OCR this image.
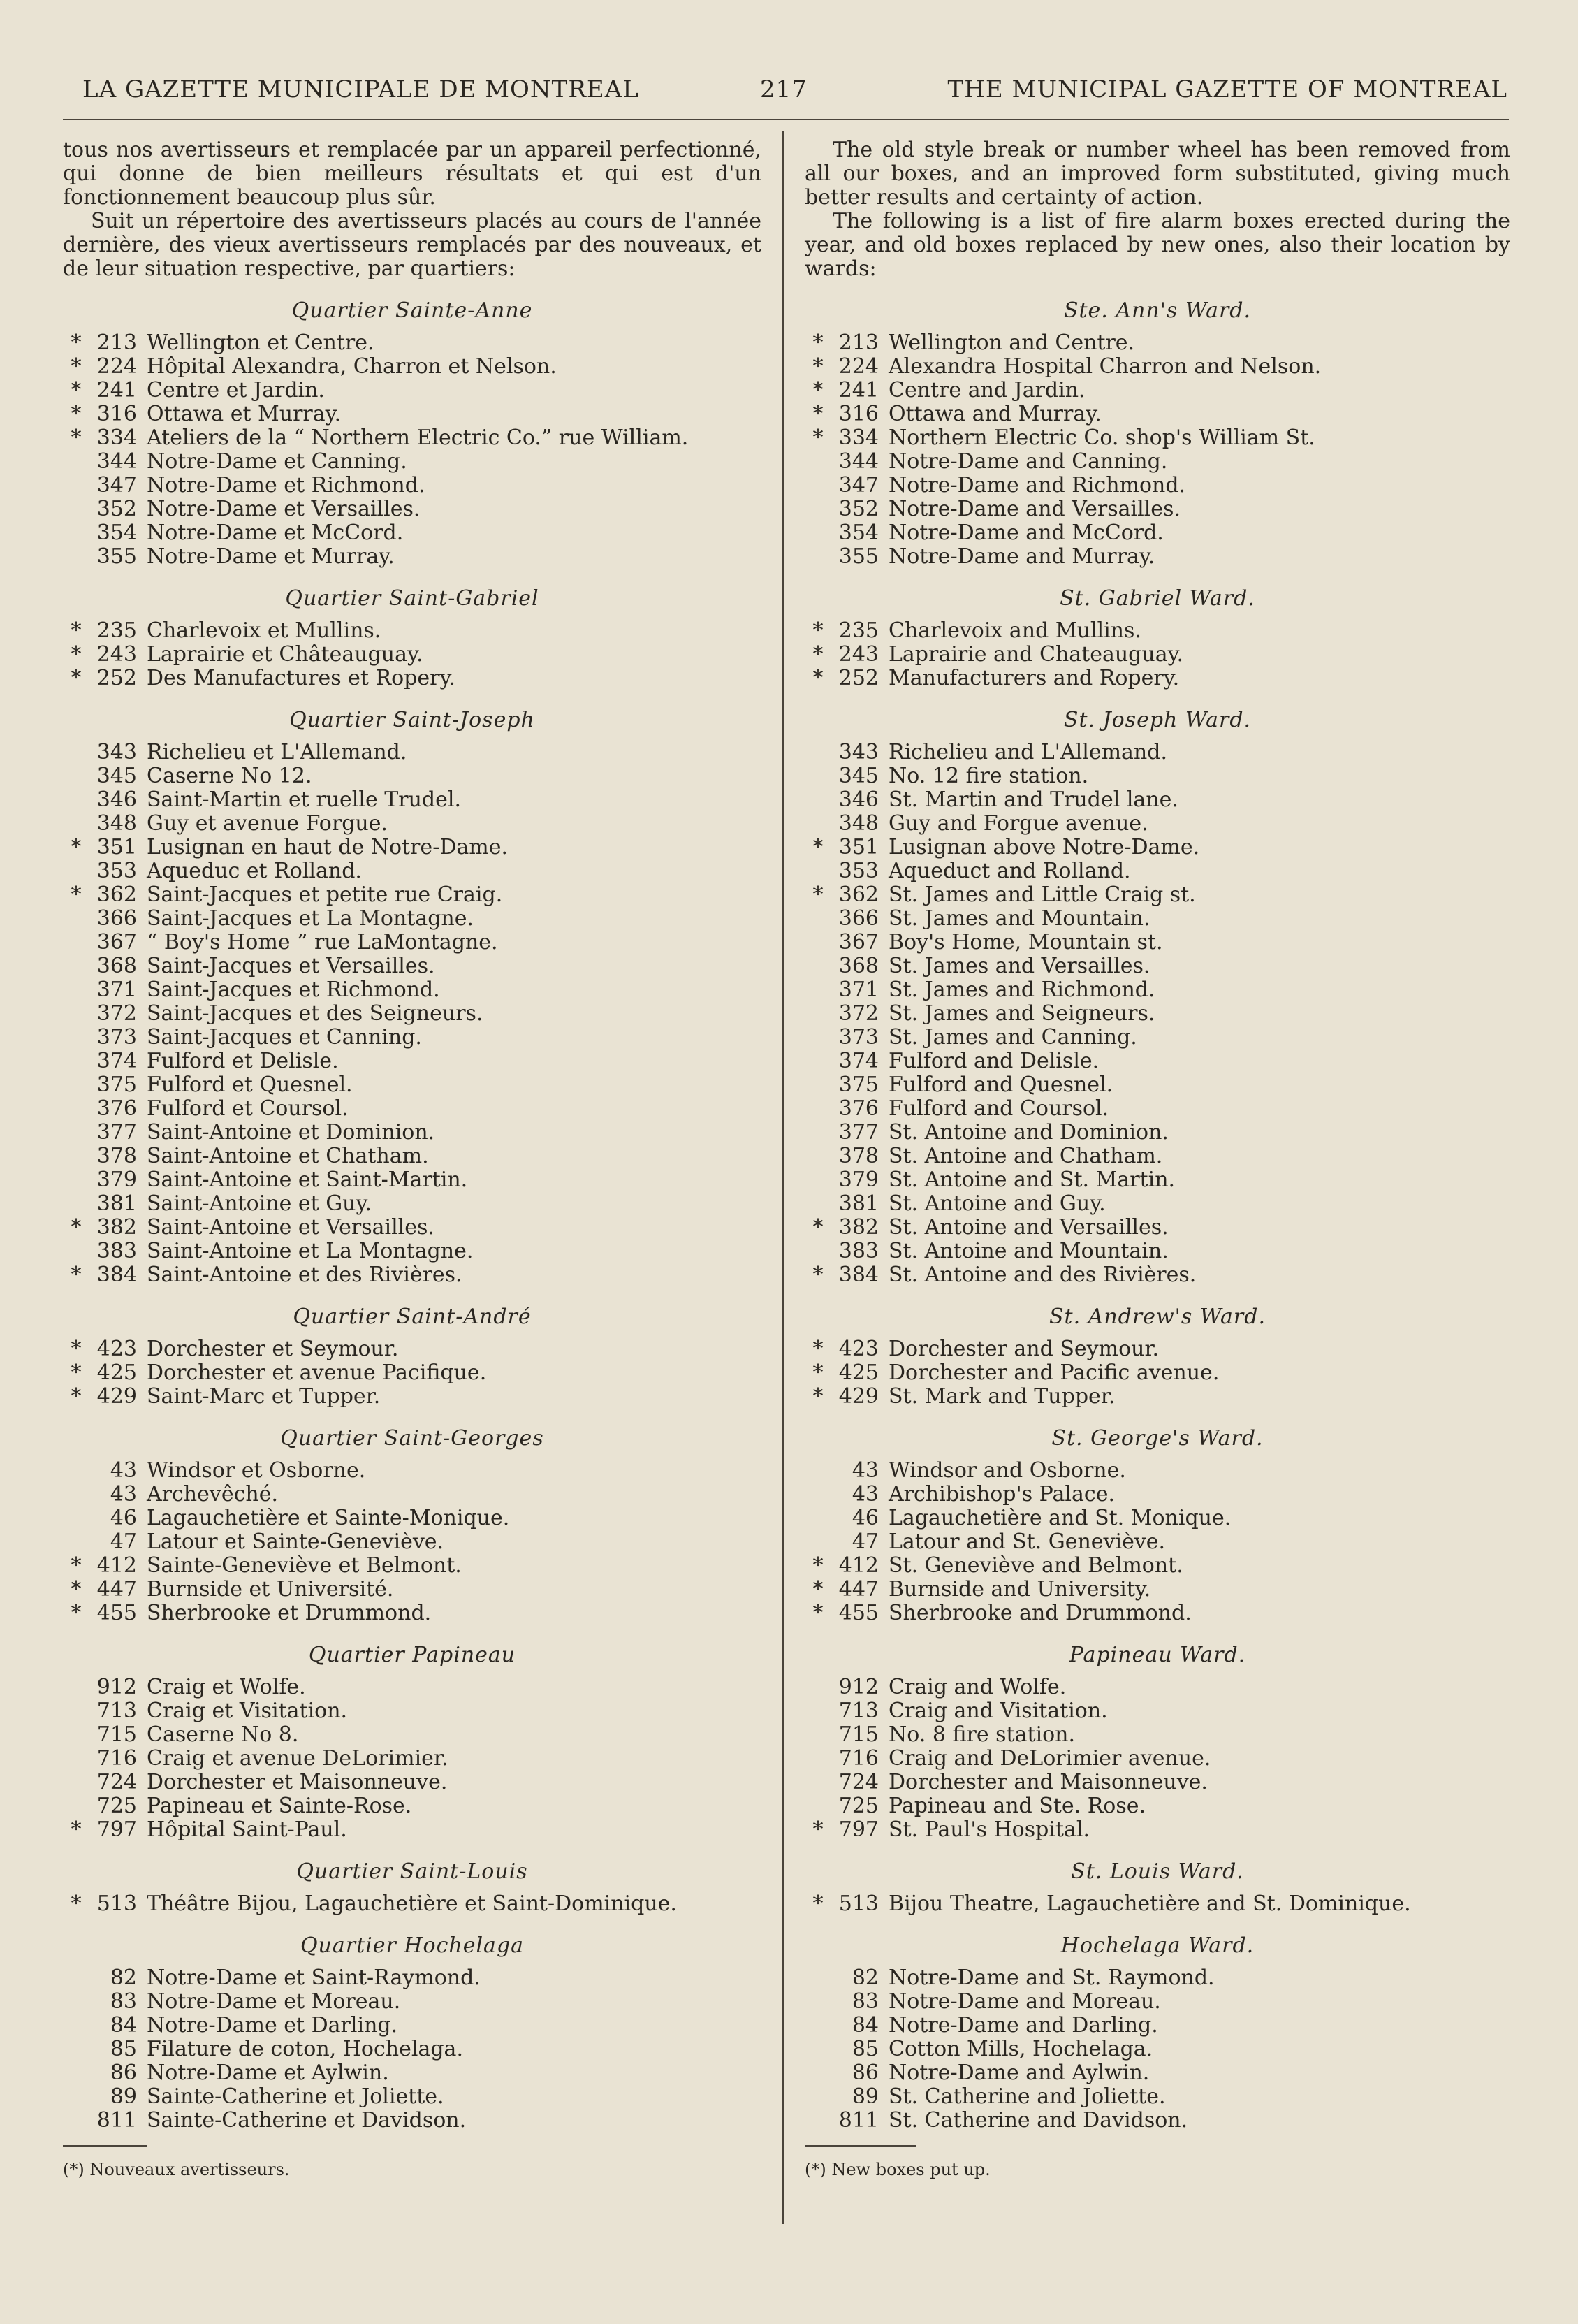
LA GAZETTE MUNICIPALE DE MONTREAL	217	THE MUNICIPAL GAZETTE OF MONTREAL

tous nos avertisseurs et remplacée par un appareil perfectionné, qui donne de bien meilleurs résultats et qui est d'un fonctionnement beaucoup plus sûr.

Suit un répertoire des avertisseurs placés au cours de l'année dernière, des vieux avertisseurs remplacés par des nouveaux, et de leur situation respective, par quartiers:

Quartier Sainte-Anne
* 213 Wellington et Centre.
* 224 Hôpital Alexandra, Charron et Nelson.
* 241 Centre et Jardin.
* 316 Ottawa et Murray.
* 334 Ateliers de la “ Northern Electric Co.” rue William.
344 Notre-Dame et Canning.
347 Notre-Dame et Richmond.
352 Notre-Dame et Versailles.
354 Notre-Dame et McCord.
355 Notre-Dame et Murray.
Quartier Saint-Gabriel
* 235 Charlevoix et Mullins.
* 243 Laprairie et Châteauguay.
* 252 Des Manufactures et Ropery.
Quartier Saint-Joseph
343 Richelieu et L'Allemand.
345 Caserne No 12.
346 Saint-Martin et ruelle Trudel.
348 Guy et avenue Forgue.
* 351 Lusignan en haut de Notre-Dame.
353 Aqueduc et Rolland.
* 362 Saint-Jacques et petite rue Craig.
366 Saint-Jacques et La Montagne.
367 “ Boy's Home ” rue LaMontagne.
368 Saint-Jacques et Versailles.
371 Saint-Jacques et Richmond.
372 Saint-Jacques et des Seigneurs.
373 Saint-Jacques et Canning.
374 Fulford et Delisle.
375 Fulford et Quesnel.
376 Fulford et Coursol.
377 Saint-Antoine et Dominion.
378 Saint-Antoine et Chatham.
379 Saint-Antoine et Saint-Martin.
381 Saint-Antoine et Guy.
* 382 Saint-Antoine et Versailles.
383 Saint-Antoine et La Montagne.
* 384 Saint-Antoine et des Rivières.
Quartier Saint-André
* 423 Dorchester et Seymour.
* 425 Dorchester et avenue Pacifique.
* 429 Saint-Marc et Tupper.
Quartier Saint-Georges
43 Windsor et Osborne.
43 Archevêché.
46 Lagauchetière et Sainte-Monique.
47 Latour et Sainte-Geneviève.
* 412 Sainte-Geneviève et Belmont.
* 447 Burnside et Université.
* 455 Sherbrooke et Drummond.
Quartier Papineau
912 Craig et Wolfe.
713 Craig et Visitation.
715 Caserne No 8.
716 Craig et avenue DeLorimier.
724 Dorchester et Maisonneuve.
725 Papineau et Sainte-Rose.
* 797 Hôpital Saint-Paul.
Quartier Saint-Louis
* 513 Théâtre Bijou, Lagauchetière et Saint-Dominique.
Quartier Hochelaga
82 Notre-Dame et Saint-Raymond.
83 Notre-Dame et Moreau.
84 Notre-Dame et Darling.
85 Filature de coton, Hochelaga.
86 Notre-Dame et Aylwin.
89 Sainte-Catherine et Joliette.
811 Sainte-Catherine et Davidson.
(*) Nouveaux avertisseurs.

The old style break or number wheel has been removed from all our boxes, and an improved form substituted, giving much better results and certainty of action.

The following is a list of fire alarm boxes erected during the year, and old boxes replaced by new ones, also their location by wards:

Ste. Ann's Ward.
* 213 Wellington and Centre.
* 224 Alexandra Hospital Charron and Nelson.
* 241 Centre and Jardin.
* 316 Ottawa and Murray.
* 334 Northern Electric Co. shop's William St.
344 Notre-Dame and Canning.
347 Notre-Dame and Richmond.
352 Notre-Dame and Versailles.
354 Notre-Dame and McCord.
355 Notre-Dame and Murray.
St. Gabriel Ward.
* 235 Charlevoix and Mullins.
* 243 Laprairie and Chateauguay.
* 252 Manufacturers and Ropery.
St. Joseph Ward.
343 Richelieu and L'Allemand.
345 No. 12 fire station.
346 St. Martin and Trudel lane.
348 Guy and Forgue avenue.
* 351 Lusignan above Notre-Dame.
353 Aqueduct and Rolland.
* 362 St. James and Little Craig st.
366 St. James and Mountain.
367 Boy's Home, Mountain st.
368 St. James and Versailles.
371 St. James and Richmond.
372 St. James and Seigneurs.
373 St. James and Canning.
374 Fulford and Delisle.
375 Fulford and Quesnel.
376 Fulford and Coursol.
377 St. Antoine and Dominion.
378 St. Antoine and Chatham.
379 St. Antoine and St. Martin.
381 St. Antoine and Guy.
* 382 St. Antoine and Versailles.
383 St. Antoine and Mountain.
* 384 St. Antoine and des Rivières.
St. Andrew's Ward.
* 423 Dorchester and Seymour.
* 425 Dorchester and Pacific avenue.
* 429 St. Mark and Tupper.
St. George's Ward.
43 Windsor and Osborne.
43 Archibishop's Palace.
46 Lagauchetière and St. Monique.
47 Latour and St. Geneviève.
* 412 St. Geneviève and Belmont.
* 447 Burnside and University.
* 455 Sherbrooke and Drummond.
Papineau Ward.
912 Craig and Wolfe.
713 Craig and Visitation.
715 No. 8 fire station.
716 Craig and DeLorimier avenue.
724 Dorchester and Maisonneuve.
725 Papineau and Ste. Rose.
* 797 St. Paul's Hospital.
St. Louis Ward.
* 513 Bijou Theatre, Lagauchetière and St. Dominique.
Hochelaga Ward.
82 Notre-Dame and St. Raymond.
83 Notre-Dame and Moreau.
84 Notre-Dame and Darling.
85 Cotton Mills, Hochelaga.
86 Notre-Dame and Aylwin.
89 St. Catherine and Joliette.
811 St. Catherine and Davidson.
(*) New boxes put up.
